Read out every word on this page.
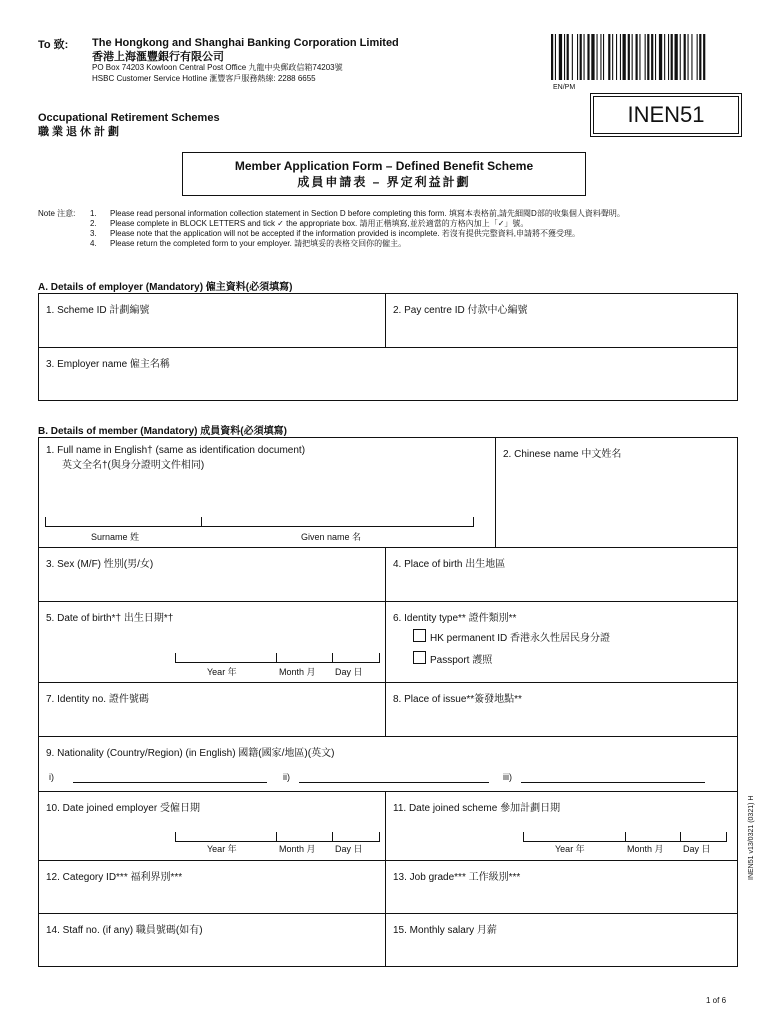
To 致: The Hongkong and Shanghai Banking Corporation Limited
香港上海滙豐銀行有限公司
PO Box 74203 Kowloon Central Post Office 九龍中央郵政信箱74203號
HSBC Customer Service Hotline 滙豐客戶服務熱線: 2288 6655
EN/PM
INEN51
Occupational Retirement Schemes
職業退休計劃
Member Application Form – Defined Benefit Scheme
成員申請表 – 界定利益計劃
Note 注意: 1.	Please read personal information collection statement in Section D before completing this form. 填寫本表格前,請先細閱D部的收集個人資料聲明。
2.	Please complete in BLOCK LETTERS and tick ✓ the appropriate box. 請用正楷填寫,並於適當的方格內加上「✓」號。
3.	Please note that the application will not be accepted if the information provided is incomplete. 若沒有提供完整資料,申請將不獲受理。
4.	Please return the completed form to your employer. 請把填妥的表格交回你的僱主。
A. Details of employer (Mandatory) 僱主資料(必須填寫)
1. Scheme ID 計劃編號	2. Pay centre ID 付款中心編號
3. Employer name 僱主名稱
B. Details of member (Mandatory) 成員資料(必須填寫)
1. Full name in English† (same as identification document)
英文全名†(與身分證明文件相同)
Surname 姓	Given name 名
2. Chinese name 中文姓名
3. Sex (M/F) 性別(男/女)	4. Place of birth 出生地區
5. Date of birth*† 出生日期*†
Year 年	Month 月 Day 日
6. Identity type** 證件類別**
HK permanent ID 香港永久性居民身分證
Passport 護照
7. Identity no. 證件號碼	8. Place of issue**簽發地點**
9. Nationality (Country/Region) (in English) 國籍(國家/地區)(英文)
i)	ii)	iii)
10. Date joined employer 受僱日期
Year 年	Month 月 Day 日
11. Date joined scheme 參加計劃日期
Year 年	Month 月 Day 日
12. Category ID*** 福利界別***	13. Job grade*** 工作級別***
14. Staff no. (if any) 職員號碼(如有)	15. Monthly salary 月薪
INEN51 v13/0321 (0321) H
1 of 6
